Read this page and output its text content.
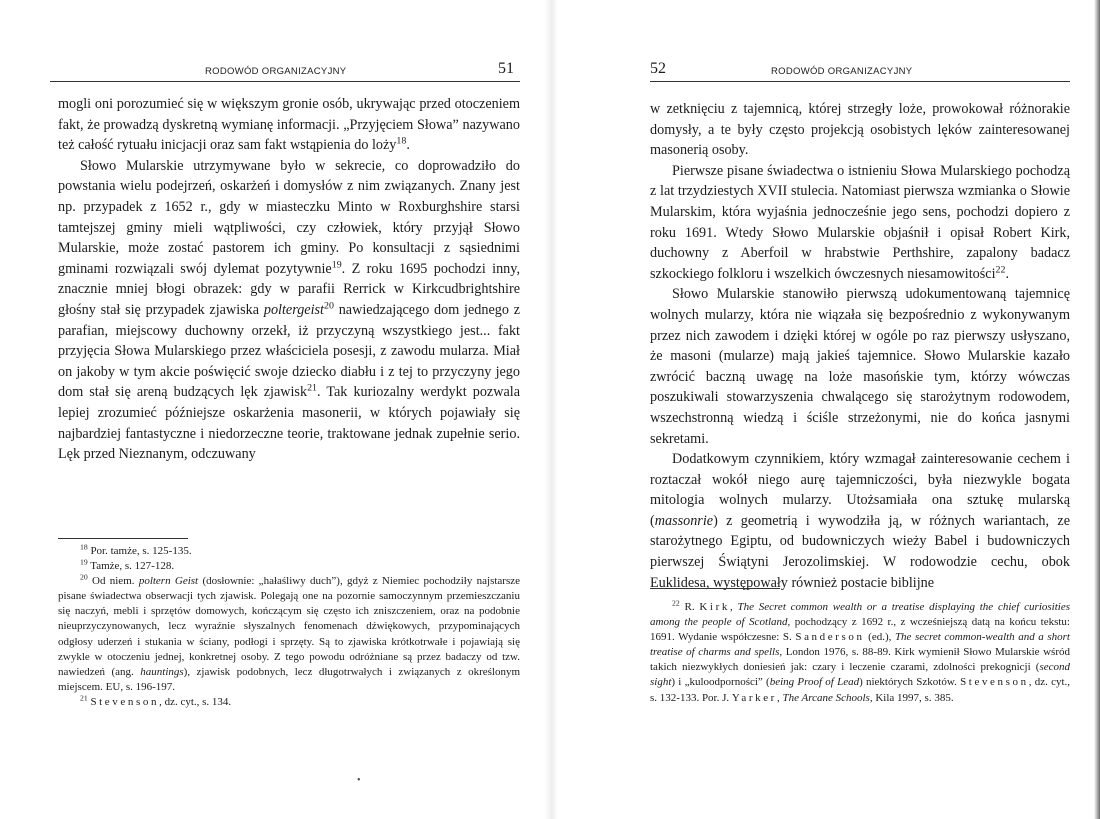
RODOWÓD ORGANIZACYJNY	51

mogli oni porozumieć się w większym gronie osób, ukrywając przed otoczeniem fakt, że prowadzą dyskretną wymianę informacji. „Przyjęciem Słowa” nazywano też całość rytuału inicjacji oraz sam fakt wstąpienia do loży$^{18}$.

Słowo Mularskie utrzymywane było w sekrecie, co doprowadziło do powstania wielu podejrzeń, oskarżeń i domysłów z nim związanych. Znany jest np. przypadek z 1652 r., gdy w miasteczku Minto w Roxburghshire starsi tamtejszej gminy mieli wątpliwości, czy człowiek, który przyjął Słowo Mularskie, może zostać pastorem ich gminy. Po konsultacji z sąsiednimi gminami rozwiązali swój dylemat pozytywnie$^{19}$. Z roku 1695 pochodzi inny, znacznie mniej błogi obrazek: gdy w parafii Rerrick w Kirkcudbrightshire głośny stał się przypadek zjawiska poltergeist$^{20}$ nawiedzającego dom jednego z parafian, miejscowy duchowny orzekł, iż przyczyną wszystkiego jest... fakt przyjęcia Słowa Mularskiego przez właściciela posesji, z zawodu mularza. Miał on jakoby w tym akcie poświęcić swoje dziecko diabłu i z tej to przyczyny jego dom stał się areną budzących lęk zjawisk$^{21}$. Tak kuriozalny werdykt pozwala lepiej zrozumieć późniejsze oskarżenia masonerii, w których pojawiały się najbardziej fantastyczne i niedorzeczne teorie, traktowane jednak zupełnie serio. Lęk przed Nieznanym, odczuwany

$^{18}$ Por. tamże, s. 125-135.

$^{19}$ Tamże, s. 127-128.

$^{20}$ Od niem. poltern Geist (dosłownie: „hałaśliwy duch”), gdyż z Niemiec pochodziły najstarsze pisane świadectwa obserwacji tych zjawisk. Polegają one na pozornie samoczynnym przemieszczaniu się naczyń, mebli i sprzętów domowych, kończącym się często ich zniszczeniem, oraz na podobnie nieuprzyczynowanych, lecz wyraźnie słyszalnych fenomenach dźwiękowych, przypominających odgłosy uderzeń i stukania w ściany, podłogi i sprzęty. Są to zjawiska krótkotrwałe i pojawiają się zwykle w otoczeniu jednej, konkretnej osoby. Z tego powodu odróżniane są przez badaczy od tzw. nawiedzeń (ang. hauntings), zjawisk podobnych, lecz długotrwałych i związanych z określonym miejscem. EU, s. 196-197.

$^{21}$ Stevenson, dz. cyt., s. 134.

•
52	RODOWÓD ORGANIZACYJNY

w zetknięciu z tajemnicą, której strzegły loże, prowokował różnorakie domysły, a te były często projekcją osobistych lęków zainteresowanej masonerią osoby.

Pierwsze pisane świadectwa o istnieniu Słowa Mularskiego pochodzą z lat trzydziestych XVII stulecia. Natomiast pierwsza wzmianka o Słowie Mularskim, która wyjaśnia jednocześnie jego sens, pochodzi dopiero z roku 1691. Wtedy Słowo Mularskie objaśnił i opisał Robert Kirk, duchowny z Aberfoil w hrabstwie Perthshire, zapalony badacz szkockiego folkloru i wszelkich ówczesnych niesamowitości$^{22}$.

Słowo Mularskie stanowiło pierwszą udokumentowaną tajemnicę wolnych mularzy, która nie wiązała się bezpośrednio z wykonywanym przez nich zawodem i dzięki której w ogóle po raz pierwszy usłyszano, że masoni (mularze) mają jakieś tajemnice. Słowo Mularskie kazało zwrócić baczną uwagę na loże masońskie tym, którzy wówczas poszukiwali stowarzyszenia chwalącego się starożytnym rodowodem, wszechstronną wiedzą i ściśle strzeżonymi, nie do końca jasnymi sekretami.

Dodatkowym czynnikiem, który wzmagał zainteresowanie cechem i roztaczał wokół niego aurę tajemniczości, była niezwykle bogata mitologia wolnych mularzy. Utożsamiała ona sztukę mularską (massonrie) z geometrią i wywodziła ją, w różnych wariantach, ze starożytnego Egiptu, od budowniczych wieży Babel i budowniczych pierwszej Świątyni Jerozolimskiej. W rodowodzie cechu, obok Euklidesa, występowały również postacie biblijne

$^{22}$ R. Kirk, The Secret common wealth or a treatise displaying the chief curiosities among the people of Scotland, pochodzący z 1692 r., z wcześniejszą datą na końcu tekstu: 1691. Wydanie współczesne: S. Sanderson (ed.), The secret common-wealth and a short treatise of charms and spells, London 1976, s. 88-89. Kirk wymienił Słowo Mularskie wśród takich niezwykłych doniesień jak: czary i leczenie czarami, zdolności prekognicji (second sight) i „kuloodporności” (being Proof of Lead) niektórych Szkotów. Stevenson, dz. cyt., s. 132-133. Por. J. Yarker, The Arcane Schools, Kila 1997, s. 385.
